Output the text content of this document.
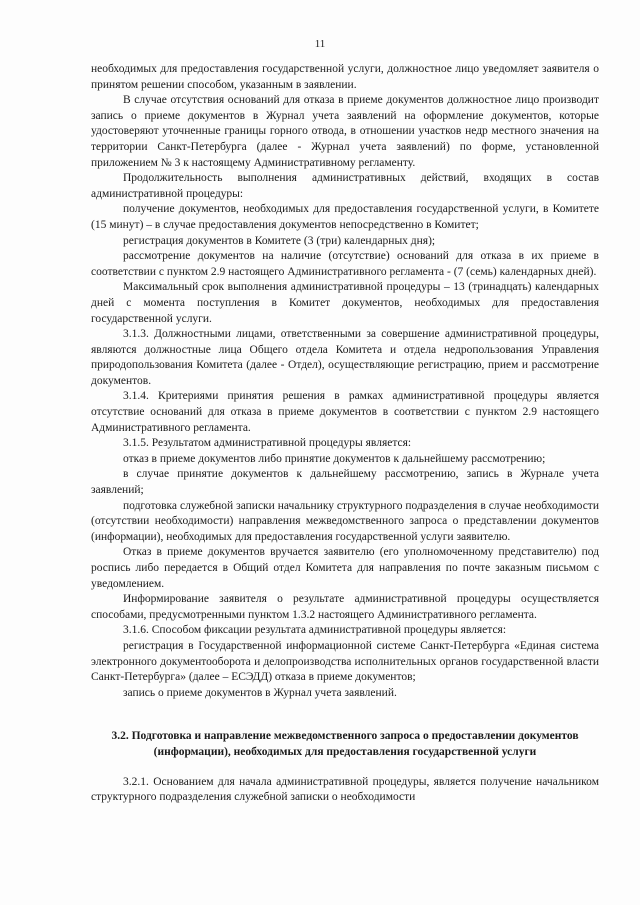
11

необходимых для предоставления государственной услуги, должностное лицо уведомляет заявителя о принятом решении способом, указанным в заявлении.

В случае отсутствия оснований для отказа в приеме документов должностное лицо производит запись о приеме документов в Журнал учета заявлений на оформление документов, которые удостоверяют уточненные границы горного отвода, в отношении участков недр местного значения на территории Санкт-Петербурга (далее - Журнал учета заявлений) по форме, установленной приложением № 3 к настоящему Административному регламенту.

Продолжительность выполнения административных действий, входящих в состав административной процедуры:

получение документов, необходимых для предоставления государственной услуги, в Комитете (15 минут) – в случае предоставления документов непосредственно в Комитет;

регистрация документов в Комитете (3 (три) календарных дня);

рассмотрение документов на наличие (отсутствие) оснований для отказа в их приеме в соответствии с пунктом 2.9 настоящего Административного регламента - (7 (семь) календарных дней).

Максимальный срок выполнения административной процедуры – 13 (тринадцать) календарных дней с момента поступления в Комитет документов, необходимых для предоставления государственной услуги.

3.1.3. Должностными лицами, ответственными за совершение административной процедуры, являются должностные лица Общего отдела Комитета и отдела недропользования Управления природопользования Комитета (далее - Отдел), осуществляющие регистрацию, прием и рассмотрение документов.

3.1.4. Критериями принятия решения в рамках административной процедуры является отсутствие оснований для отказа в приеме документов в соответствии с пунктом 2.9 настоящего Административного регламента.

3.1.5. Результатом административной процедуры является:

отказ в приеме документов либо принятие документов к дальнейшему рассмотрению;

в случае принятие документов к дальнейшему рассмотрению, запись в Журнале учета заявлений;

подготовка служебной записки начальнику структурного подразделения в случае необходимости (отсутствии необходимости) направления межведомственного запроса о представлении документов (информации), необходимых для предоставления государственной услуги заявителю.

Отказ в приеме документов вручается заявителю (его уполномоченному представителю) под роспись либо передается в Общий отдел Комитета для направления по почте заказным письмом с уведомлением.

Информирование заявителя о результате административной процедуры осуществляется способами, предусмотренными пунктом 1.3.2 настоящего Административного регламента.

3.1.6. Способом фиксации результата административной процедуры является:

регистрация в Государственной информационной системе Санкт-Петербурга «Единая система электронного документооборота и делопроизводства исполнительных органов государственной власти Санкт-Петербурга» (далее – ЕСЭДД) отказа в приеме документов;

запись о приеме документов в Журнал учета заявлений.

3.2. Подготовка и направление межведомственного запроса о предоставлении документов (информации), необходимых для предоставления государственной услуги

3.2.1. Основанием для начала административной процедуры, является получение начальником структурного подразделения служебной записки о необходимости
